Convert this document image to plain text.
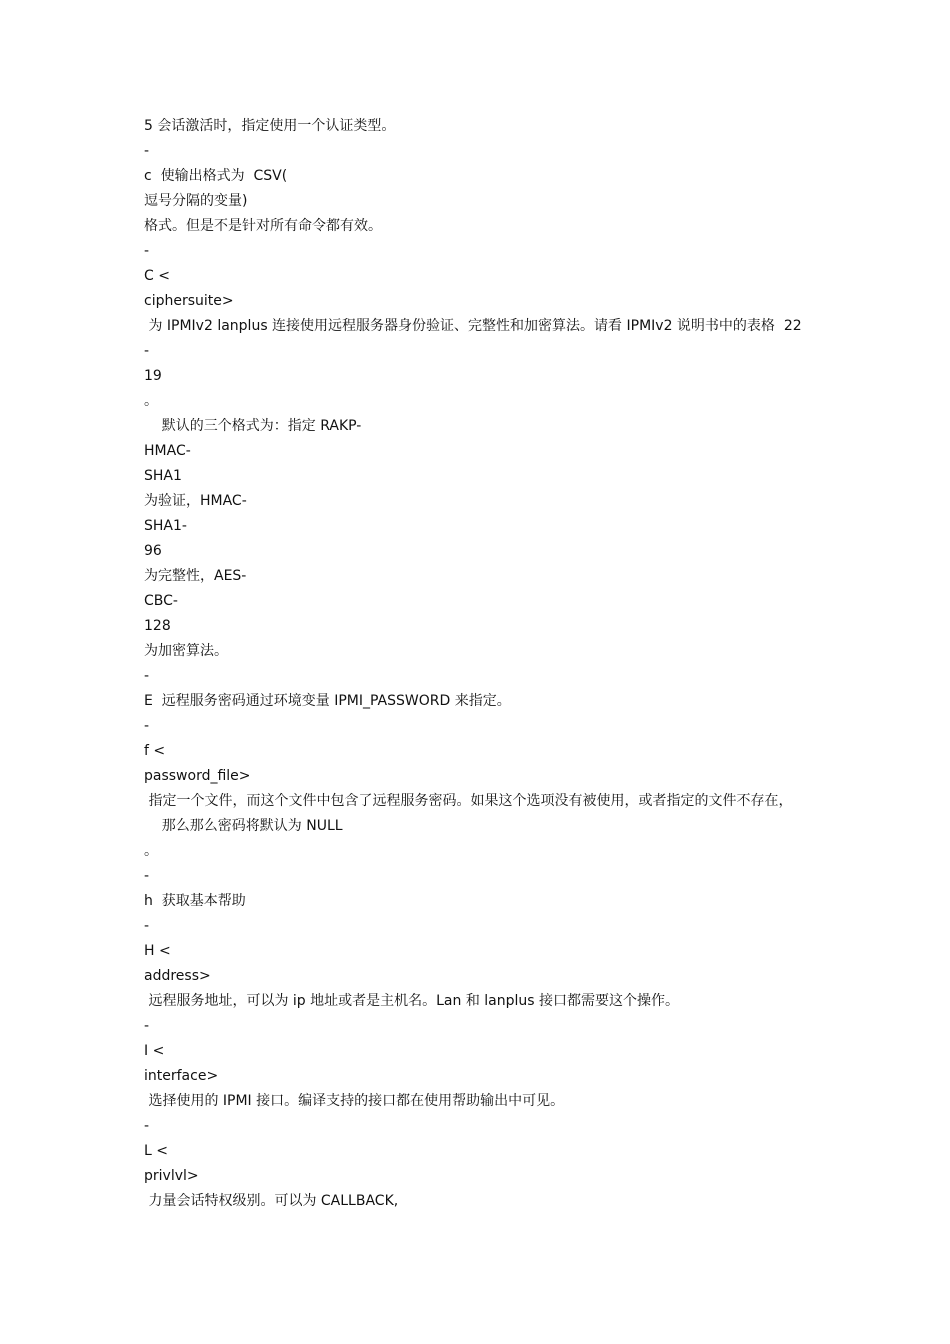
5 会话激活时，指定使用一个认证类型。
-
c  使输出格式为  CSV(
逗号分隔的变量)
格式。但是不是针对所有命令都有效。
-
C <
ciphersuite>
为 IPMIv2 lanplus 连接使用远程服务器身份验证、完整性和加密算法。请看 IPMIv2 说明书中的表格  22
-
19
。
默认的三个格式为：指定 RAKP-
HMAC-
SHA1
为验证，HMAC-
SHA1-
96
为完整性，AES-
CBC-
128
为加密算法。
-
E  远程服务密码通过环境变量 IPMI_PASSWORD 来指定。
-
f <
password_file>
指定一个文件，而这个文件中包含了远程服务密码。如果这个选项没有被使用，或者指定的文件不存在，
那么那么密码将默认为 NULL
。
-
h  获取基本帮助
-
H <
address>
远程服务地址，可以为 ip 地址或者是主机名。Lan 和 lanplus 接口都需要这个操作。
-
I <
interface>
选择使用的 IPMI 接口。编译支持的接口都在使用帮助输出中可见。
-
L <
privlvl>
力量会话特权级别。可以为 CALLBACK,
